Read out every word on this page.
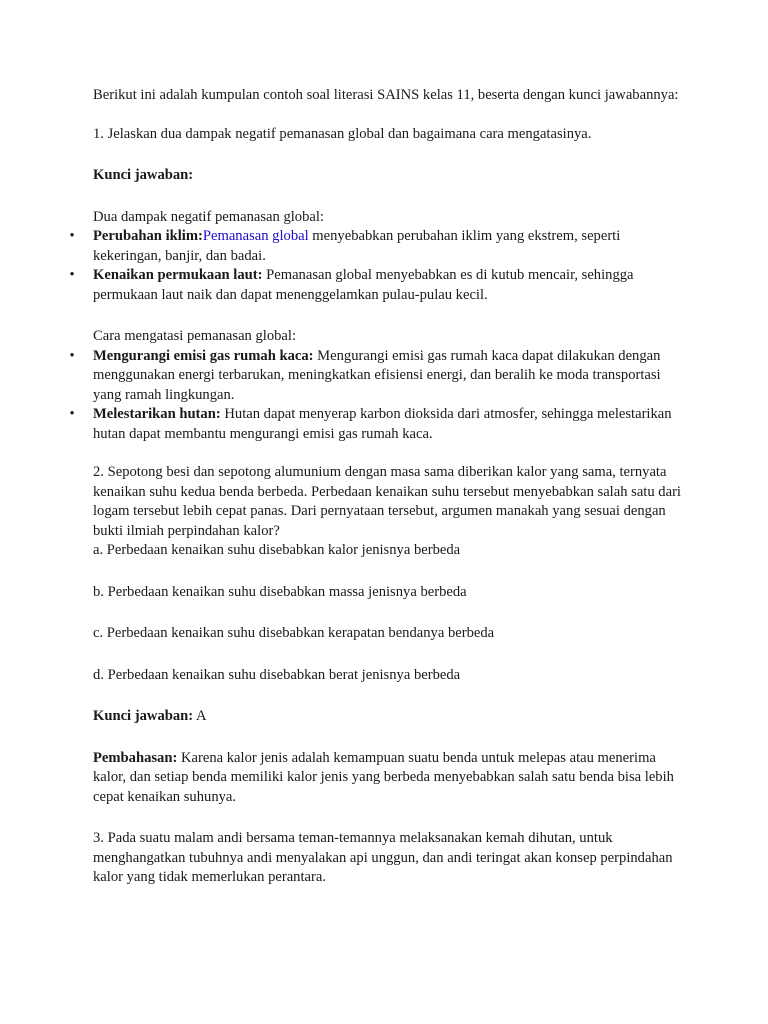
Berikut ini adalah kumpulan contoh soal literasi SAINS kelas 11, beserta dengan kunci jawabannya:

1. Jelaskan dua dampak negatif pemanasan global dan bagaimana cara mengatasinya.

Kunci jawaban:

Dua dampak negatif pemanasan global:

• Perubahan iklim:Pemanasan global menyebabkan perubahan iklim yang ekstrem, seperti kekeringan, banjir, dan badai.
• Kenaikan permukaan laut: Pemanasan global menyebabkan es di kutub mencair, sehingga permukaan laut naik dan dapat menenggelamkan pulau-pulau kecil.

Cara mengatasi pemanasan global:

• Mengurangi emisi gas rumah kaca: Mengurangi emisi gas rumah kaca dapat dilakukan dengan menggunakan energi terbarukan, meningkatkan efisiensi energi, dan beralih ke moda transportasi yang ramah lingkungan.
• Melestarikan hutan: Hutan dapat menyerap karbon dioksida dari atmosfer, sehingga melestarikan hutan dapat membantu mengurangi emisi gas rumah kaca.

2. Sepotong besi dan sepotong alumunium dengan masa sama diberikan kalor yang sama, ternyata kenaikan suhu kedua benda berbeda. Perbedaan kenaikan suhu tersebut menyebabkan salah satu dari logam tersebut lebih cepat panas. Dari pernyataan tersebut, argumen manakah yang sesuai dengan bukti ilmiah perpindahan kalor?

a. Perbedaan kenaikan suhu disebabkan kalor jenisnya berbeda

b. Perbedaan kenaikan suhu disebabkan massa jenisnya berbeda

c. Perbedaan kenaikan suhu disebabkan kerapatan bendanya berbeda

d. Perbedaan kenaikan suhu disebabkan berat jenisnya berbeda

Kunci jawaban: A

Pembahasan: Karena kalor jenis adalah kemampuan suatu benda untuk melepas atau menerima kalor, dan setiap benda memiliki kalor jenis yang berbeda menyebabkan salah satu benda bisa lebih cepat kenaikan suhunya.

3. Pada suatu malam andi bersama teman-temannya melaksanakan kemah dihutan, untuk menghangatkan tubuhnya andi menyalakan api unggun, dan andi teringat akan konsep perpindahan kalor yang tidak memerlukan perantara.
